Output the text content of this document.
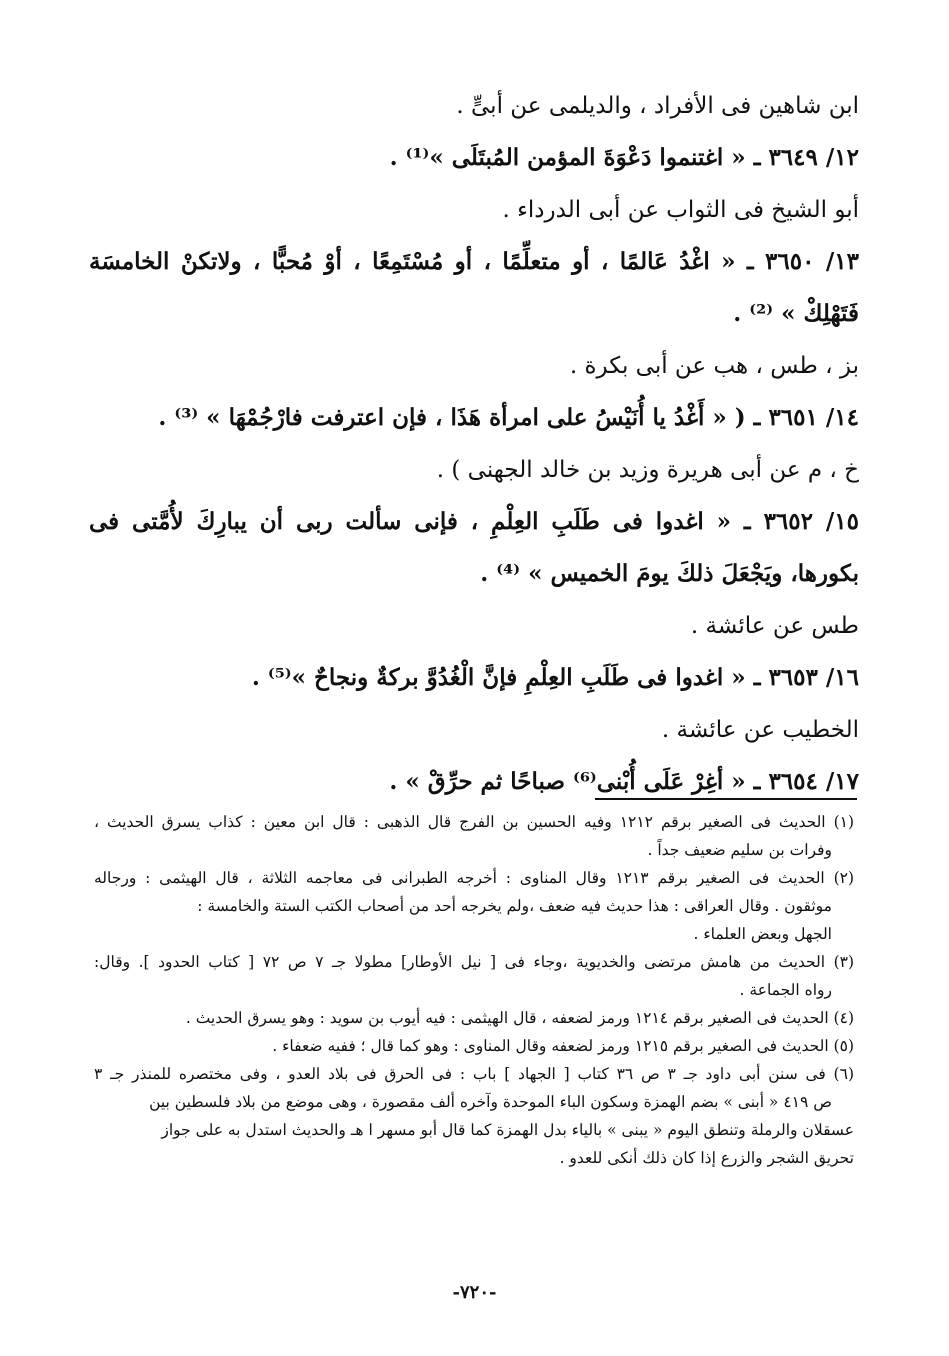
ابن شاهين فى الأفراد ، والديلمى عن أبىٍّ .
١٢/ ٣٦٤٩ ـ « اغتنموا دَعْوَةَ المؤمن المُبتَلَى »⁽¹⁾ .
أبو الشيخ فى الثواب عن أبى الدرداء .
١٣/ ٣٦٥٠ ـ « اغْدُ عَالمًا ، أو متعلِّمًا ، أو مُسْتَمِعًا ، أوْ مُحبًّا ، ولاتكنْ الخامسَة
فَتَهْلِكْ » ⁽²⁾ .
بز ، طس ، هب عن أبى بكرة .
١٤/ ٣٦٥١ ـ ( « أَغْدُ يا أُنَيْسُ على امرأة هَذَا ، فإن اعترفت فارْجُمْهَا » ⁽³⁾ .
خ ، م عن أبى هريرة وزيد بن خالد الجهنى ) .
١٥/ ٣٦٥٢ ـ « اغدوا فى طَلَبِ العِلْمِ ، فإنى سألت ربى أن يبارِكَ لأُمَّتى فى
بكورها، ويَجْعَلَ ذلكَ يومَ الخميس » ⁽⁴⁾ .
طس عن عائشة .
١٦/ ٣٦٥٣ ـ « اغدوا فى طَلَبِ العِلْمِ فإنَّ الْغُدُوَّ بركةٌ ونجاحٌ »⁽⁵⁾ .
الخطيب عن عائشة .
١٧/ ٣٦٥٤ ـ « أغِرْ عَلَى أُبْنى⁽⁶⁾ صباحًا ثم حرِّقْ » .
(١) الحديث فى الصغير برقم ١٢١٢ وفيه الحسين بن الفرج قال الذهبى : قال ابن معين : كذاب يسرق الحديث ،
وفرات بن سليم ضعيف جداً .
(٢) الحديث فى الصغير برقم ١٢١٣ وقال المناوى : أخرجه الطبرانى فى معاجمه الثلاثة ، قال الهيثمى : ورجاله
موثقون . وقال العراقى : هذا حديث فيه ضعف ،ولم يخرجه أحد من أصحاب الكتب الستة والخامسة :
الجهل وبعض العلماء .
(٣) الحديث من هامش مرتضى والخديوية ،وجاء فى [ نيل الأوطار] مطولا جـ ٧ ص ٧٢ [ كتاب الحدود ]. وقال:
رواه الجماعة .
(٤) الحديث فى الصغير برقم ١٢١٤ ورمز لضعفه ، قال الهيثمى : فيه أيوب بن سويد : وهو يسرق الحديث .
(٥) الحديث فى الصغير برقم ١٢١٥ ورمز لضعفه وقال المناوى : وهو كما قال ؛ ففيه ضعفاء .
(٦) فى سنن أبى داود جـ ٣ ص ٣٦ كتاب [ الجهاد ] باب : فى الحرق فى بلاد العدو ، وفى مختصره للمنذر جـ ٣
ص ٤١٩ « أبنى » بضم الهمزة وسكون الباء الموحدة وآخره ألف مقصورة ، وهى موضع من بلاد فلسطين بين
عسقلان والرملة وتنطق اليوم « يبنى » بالياء بدل الهمزة كما قال أبو مسهر ا هـ والحديث استدل به على جواز
تحريق الشجر والزرع إذا كان ذلك أنكى للعدو .
-٧٢٠-
